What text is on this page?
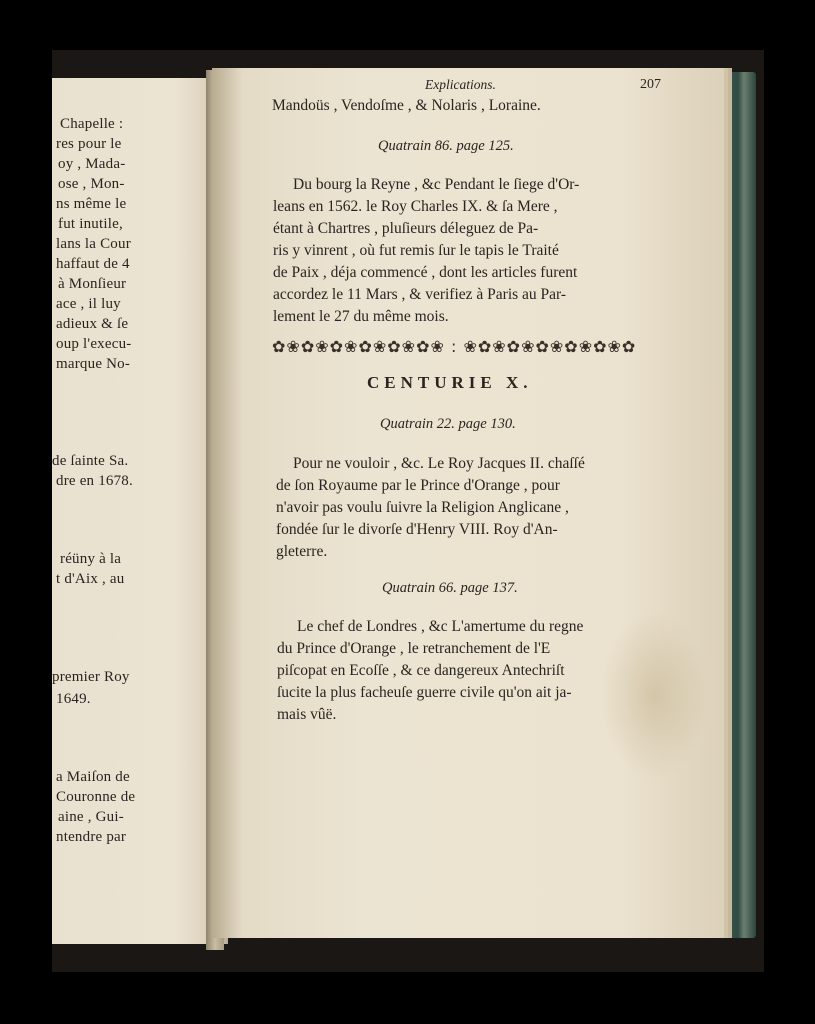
Chapelle :
res pour le
oy , Mada-
ose , Mon-
ns même le
fut inutile,
lans la Cour
haffaut de 4
à Monſieur
ace , il luy
adieux & ſe
oup l'execu-
marque No-
de ſainte Sa.
dre en 1678.
réüny à la
t d'Aix , au
premier Roy
1649.
a Maiſon de
Couronne de
aine , Gui-
ntendre par
Explications.	207
Mandoüs , Vendoſme , & Nolaris , Loraine.
Quatrain 86. page 125.
Du bourg la Reyne , &c Pendant le ſiege d'Or-
leans en 1562. le Roy Charles IX. & ſa Mere ,
étant à Chartres , pluſieurs déleguez de Pa-
ris y vinrent , où fut remis ſur le tapis le Traité
de Paix , déja commencé , dont les articles furent
accordez le 11 Mars , & verifiez à Paris au Par-
lement le 27 du même mois.
✿❀✿❀✿❀✿❀✿❀✿❀ : ❀✿❀✿❀✿❀✿❀✿❀✿
CENTURIE X.
Quatrain 22. page 130.
Pour ne vouloir , &c. Le Roy Jacques II. chaſſé
de ſon Royaume par le Prince d'Orange , pour
n'avoir pas voulu ſuivre la Religion Anglicane ,
fondée ſur le divorſe d'Henry VIII. Roy d'An-
gleterre.
Quatrain 66. page 137.
Le chef de Londres , &c L'amertume du regne
du Prince d'Orange , le retranchement de l'E
piſcopat en Ecoſſe , & ce dangereux Antechriſt
ſucite la plus facheuſe guerre civile qu'on ait ja-
mais vûë.
